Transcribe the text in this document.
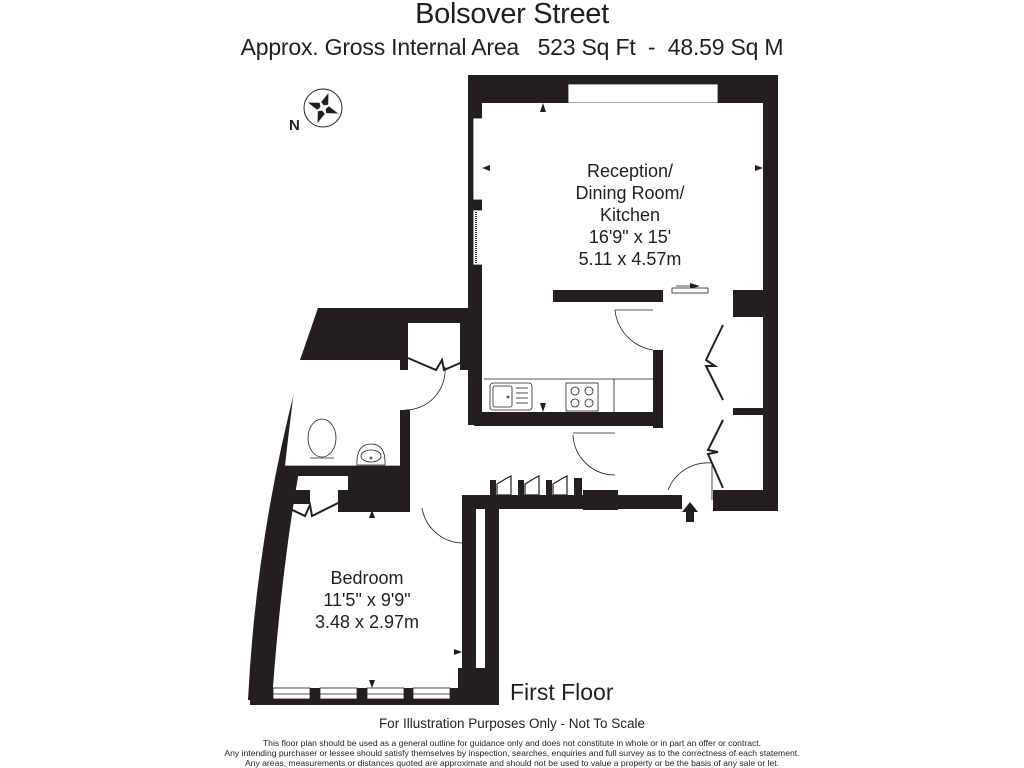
Bolsover Street
Approx. Gross Internal Area 523 Sq Ft - 48.59 Sq M
N
Reception/
Dining Room/
Kitchen
16'9" x 15'
5.11 x 4.57m
Bedroom
11'5" x 9'9"
3.48 x 2.97m
First Floor
For Illustration Purposes Only - Not To Scale
This floor plan should be used as a general outline for guidance only and does not constitute in whole or in part an offer or contract.
Any intending purchaser or lessee should satisfy themselves by inspection, searches, enquiries and full survey as to the correctness of each statement.
Any areas, measurements or distances quoted are approximate and should not be used to value a property or be the basis of any sale or let.
